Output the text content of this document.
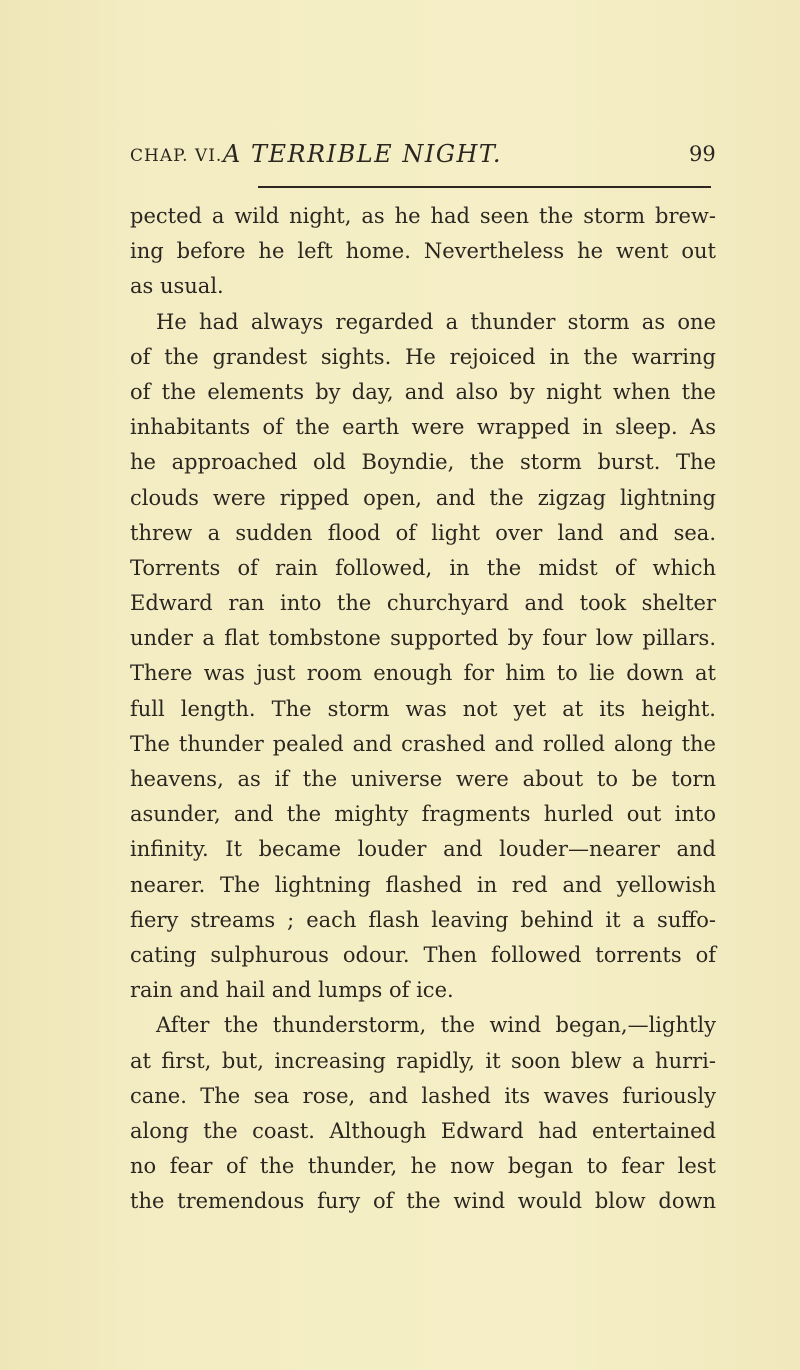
CHAP. VI. A TERRIBLE NIGHT.	99
pected a wild night, as he had seen the storm brew-
ing before he left home. Nevertheless he went out
as usual.
He had always regarded a thunder storm as one
of the grandest sights. He rejoiced in the warring
of the elements by day, and also by night when the
inhabitants of the earth were wrapped in sleep. As
he approached old Boyndie, the storm burst. The
clouds were ripped open, and the zigzag lightning
threw a sudden flood of light over land and sea.
Torrents of rain followed, in the midst of which
Edward ran into the churchyard and took shelter
under a flat tombstone supported by four low pillars.
There was just room enough for him to lie down at
full length. The storm was not yet at its height.
The thunder pealed and crashed and rolled along the
heavens, as if the universe were about to be torn
asunder, and the mighty fragments hurled out into
infinity. It became louder and louder—nearer and
nearer. The lightning flashed in red and yellowish
fiery streams ; each flash leaving behind it a suffo-
cating sulphurous odour. Then followed torrents of
rain and hail and lumps of ice.
After the thunderstorm, the wind began,—lightly
at first, but, increasing rapidly, it soon blew a hurri-
cane. The sea rose, and lashed its waves furiously
along the coast. Although Edward had entertained
no fear of the thunder, he now began to fear lest
the tremendous fury of the wind would blow down
